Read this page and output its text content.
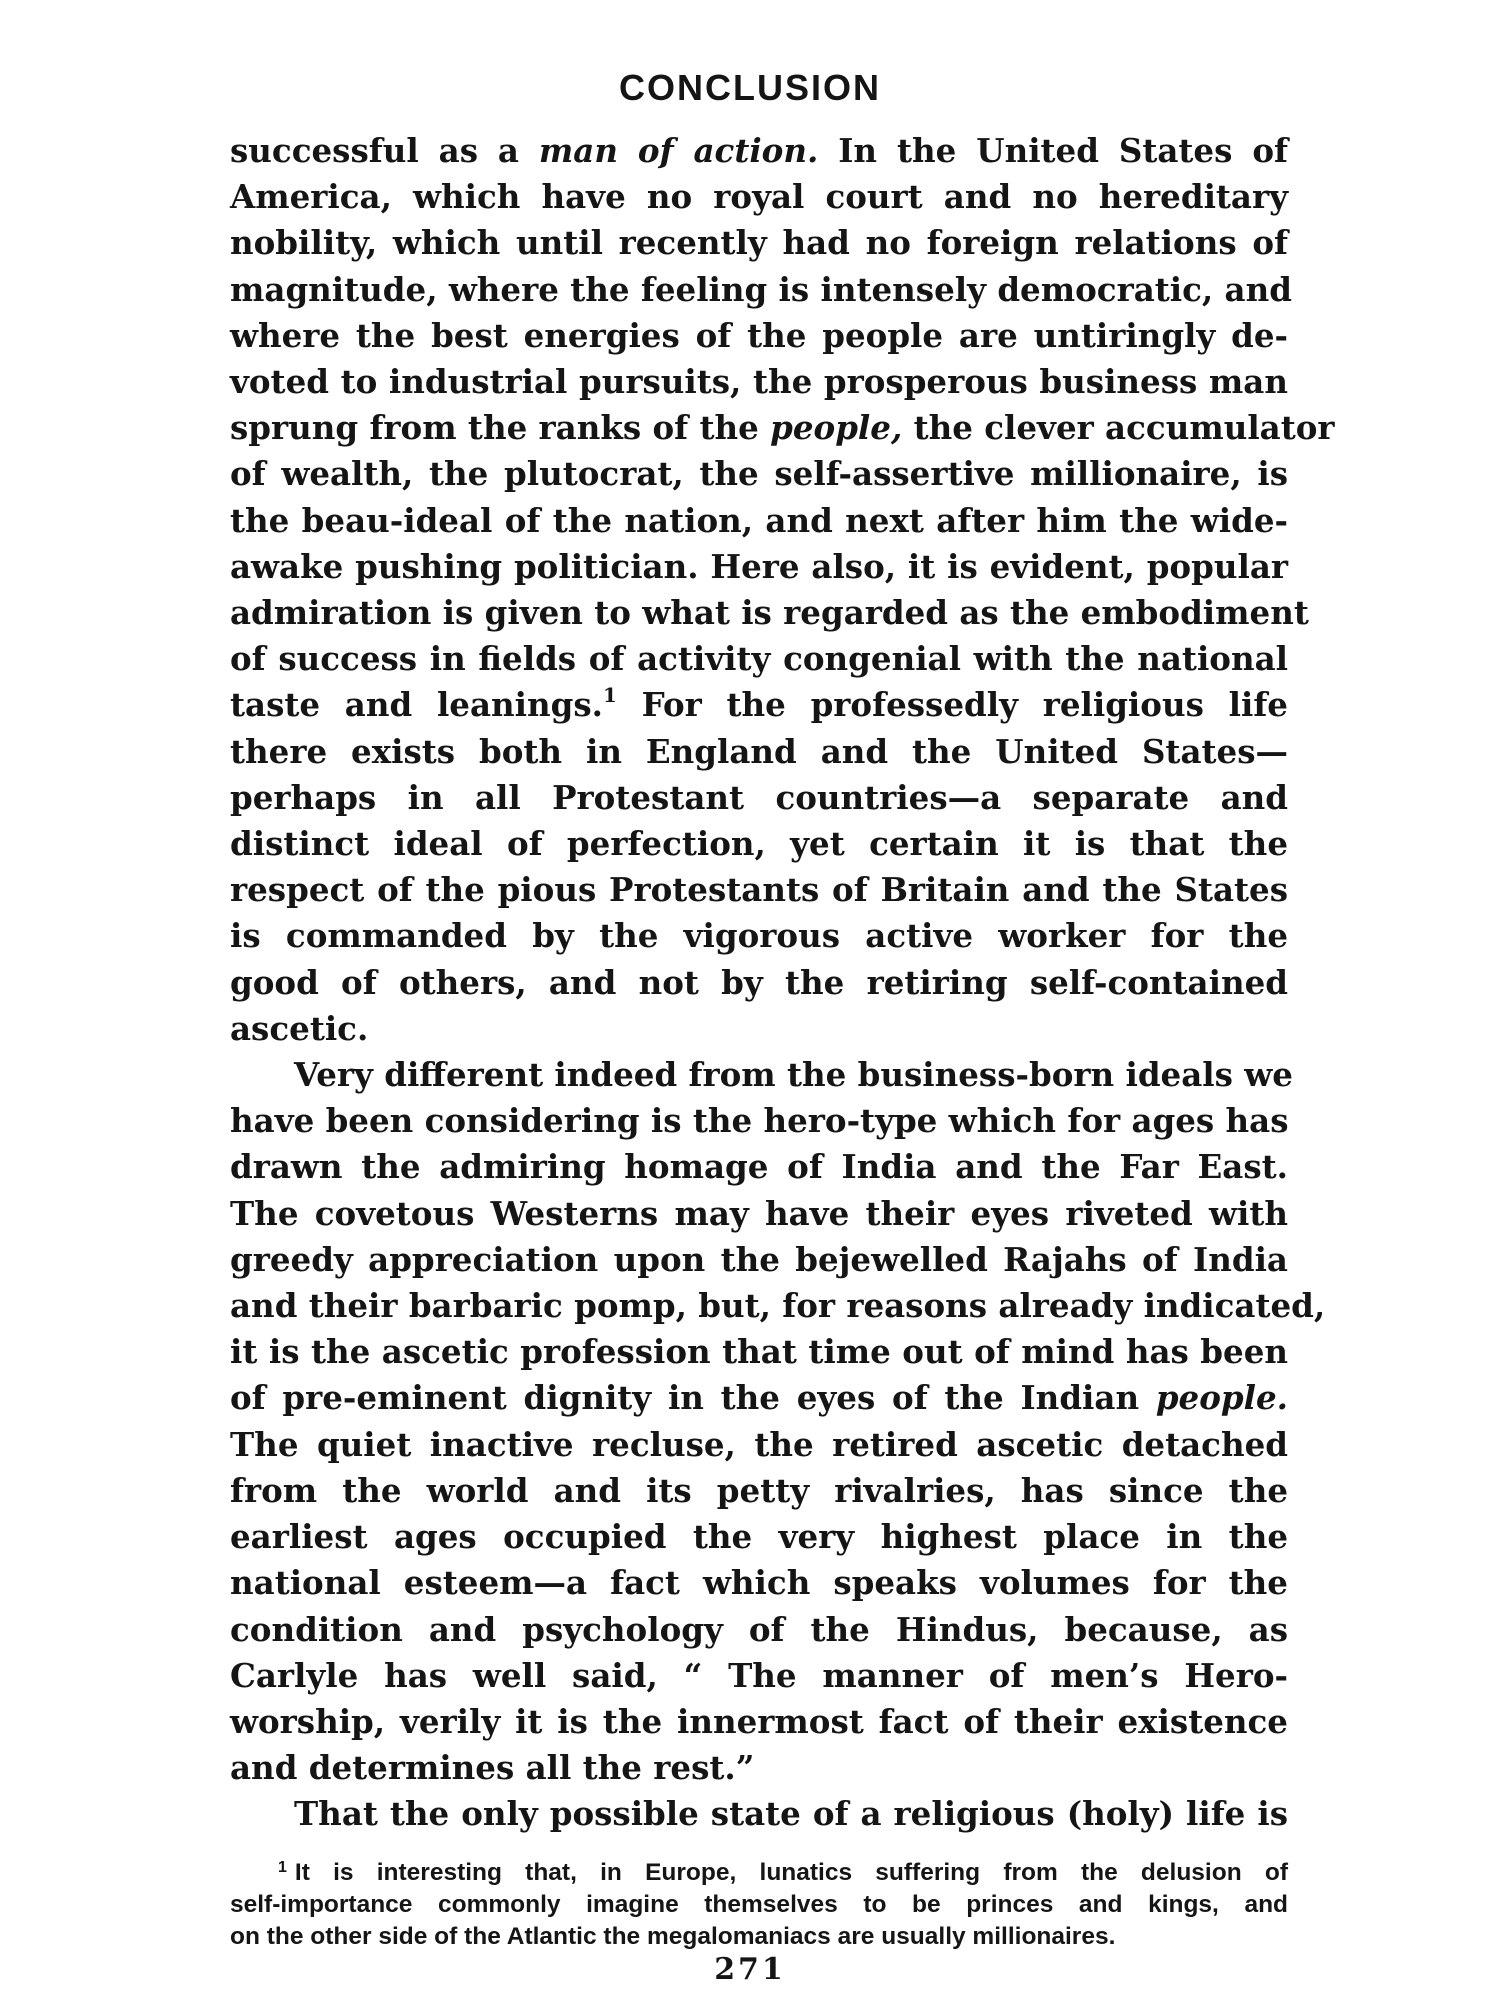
CONCLUSION
successful as a man of action. In the United States of
America, which have no royal court and no hereditary
nobility, which until recently had no foreign relations of
magnitude, where the feeling is intensely democratic, and
where the best energies of the people are untiringly de-
voted to industrial pursuits, the prosperous business man
sprung from the ranks of the people, the clever accumulator
of wealth, the plutocrat, the self-assertive millionaire, is
the beau-ideal of the nation, and next after him the wide-
awake pushing politician. Here also, it is evident, popular
admiration is given to what is regarded as the embodiment
of success in fields of activity congenial with the national
taste and leanings.$^1$ For the professedly religious life
there exists both in England and the United States—
perhaps in all Protestant countries—a separate and
distinct ideal of perfection, yet certain it is that the
respect of the pious Protestants of Britain and the States
is commanded by the vigorous active worker for the
good of others, and not by the retiring self-contained
ascetic.
Very different indeed from the business-born ideals we
have been considering is the hero-type which for ages has
drawn the admiring homage of India and the Far East.
The covetous Westerns may have their eyes riveted with
greedy appreciation upon the bejewelled Rajahs of India
and their barbaric pomp, but, for reasons already indicated,
it is the ascetic profession that time out of mind has been
of pre-eminent dignity in the eyes of the Indian people.
The quiet inactive recluse, the retired ascetic detached
from the world and its petty rivalries, has since the
earliest ages occupied the very highest place in the
national esteem—a fact which speaks volumes for the
condition and psychology of the Hindus, because, as
Carlyle has well said, “ The manner of men’s Hero-
worship, verily it is the innermost fact of their existence
and determines all the rest.”
That the only possible state of a religious (holy) life is
$^1$ It is interesting that, in Europe, lunatics suffering from the delusion of
self-importance commonly imagine themselves to be princes and kings, and
on the other side of the Atlantic the megalomaniacs are usually millionaires.
271
